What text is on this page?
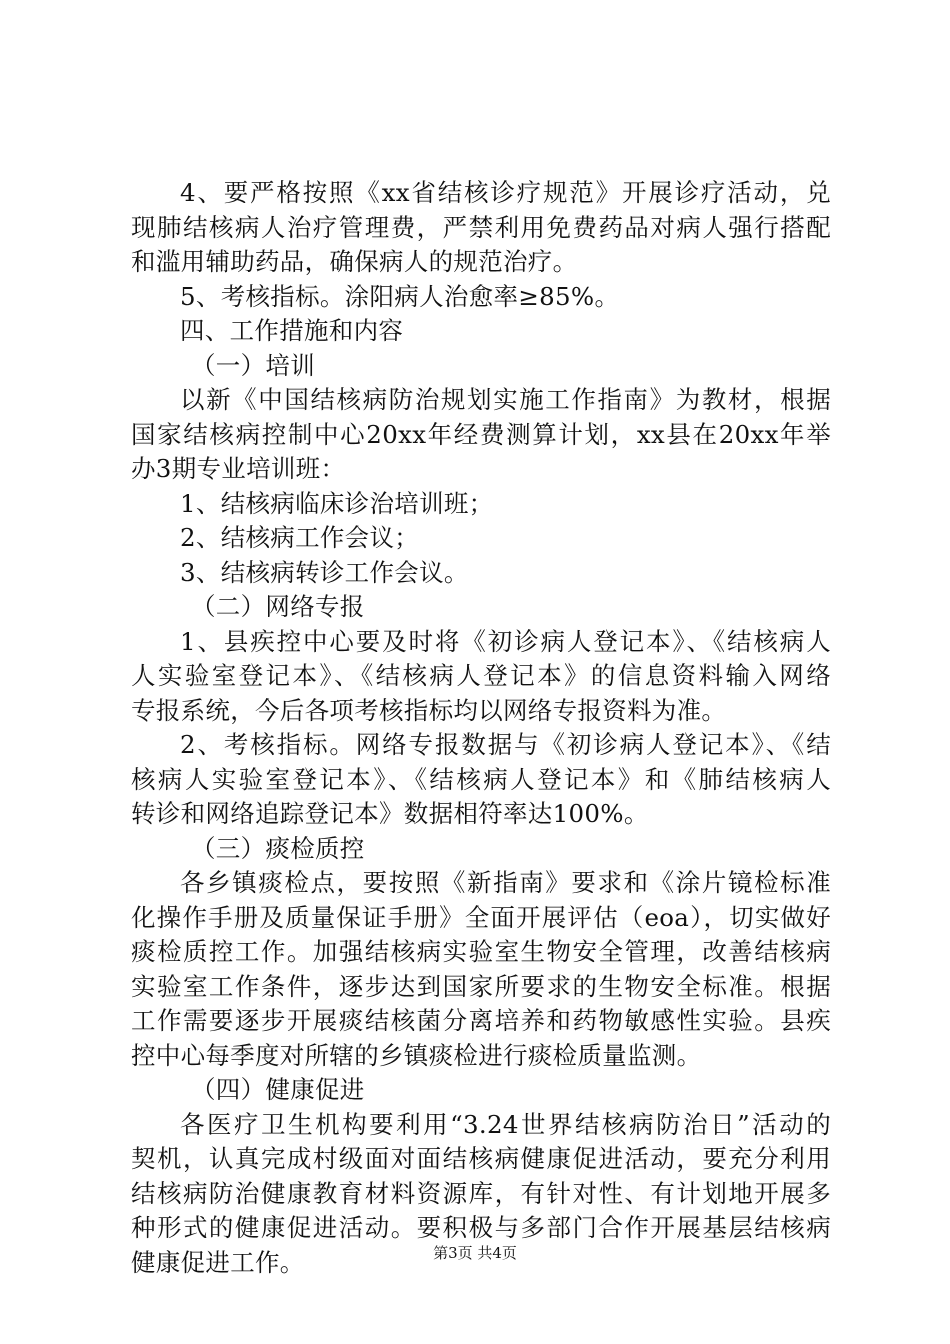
4、要严格按照《xx省结核诊疗规范》开展诊疗活动，兑
现肺结核病人治疗管理费，严禁利用免费药品对病人强行搭配
和滥用辅助药品，确保病人的规范治疗。
5、考核指标。涂阳病人治愈率≥85%。
四、工作措施和内容
（一）培训
以新《中国结核病防治规划实施工作指南》为教材，根据
国家结核病控制中心20xx年经费测算计划，xx县在20xx年举
办3期专业培训班：
1、结核病临床诊治培训班；
2、结核病工作会议；
3、结核病转诊工作会议。
（二）网络专报
1、县疾控中心要及时将《初诊病人登记本》、《结核病人
人实验室登记本》、《结核病人登记本》的信息资料输入网络
专报系统，今后各项考核指标均以网络专报资料为准。
2、考核指标。网络专报数据与《初诊病人登记本》、《结
核病人实验室登记本》、《结核病人登记本》和《肺结核病人
转诊和网络追踪登记本》数据相符率达100%。
（三）痰检质控
各乡镇痰检点，要按照《新指南》要求和《涂片镜检标准
化操作手册及质量保证手册》全面开展评估（eoa），切实做好
痰检质控工作。加强结核病实验室生物安全管理，改善结核病
实验室工作条件，逐步达到国家所要求的生物安全标准。根据
工作需要逐步开展痰结核菌分离培养和药物敏感性实验。县疾
控中心每季度对所辖的乡镇痰检进行痰检质量监测。
（四）健康促进
各医疗卫生机构要利用“3.24世界结核病防治日”活动的
契机，认真完成村级面对面结核病健康促进活动，要充分利用
结核病防治健康教育材料资源库，有针对性、有计划地开展多
种形式的健康促进活动。要积极与多部门合作开展基层结核病
健康促进工作。	第3页 共4页
